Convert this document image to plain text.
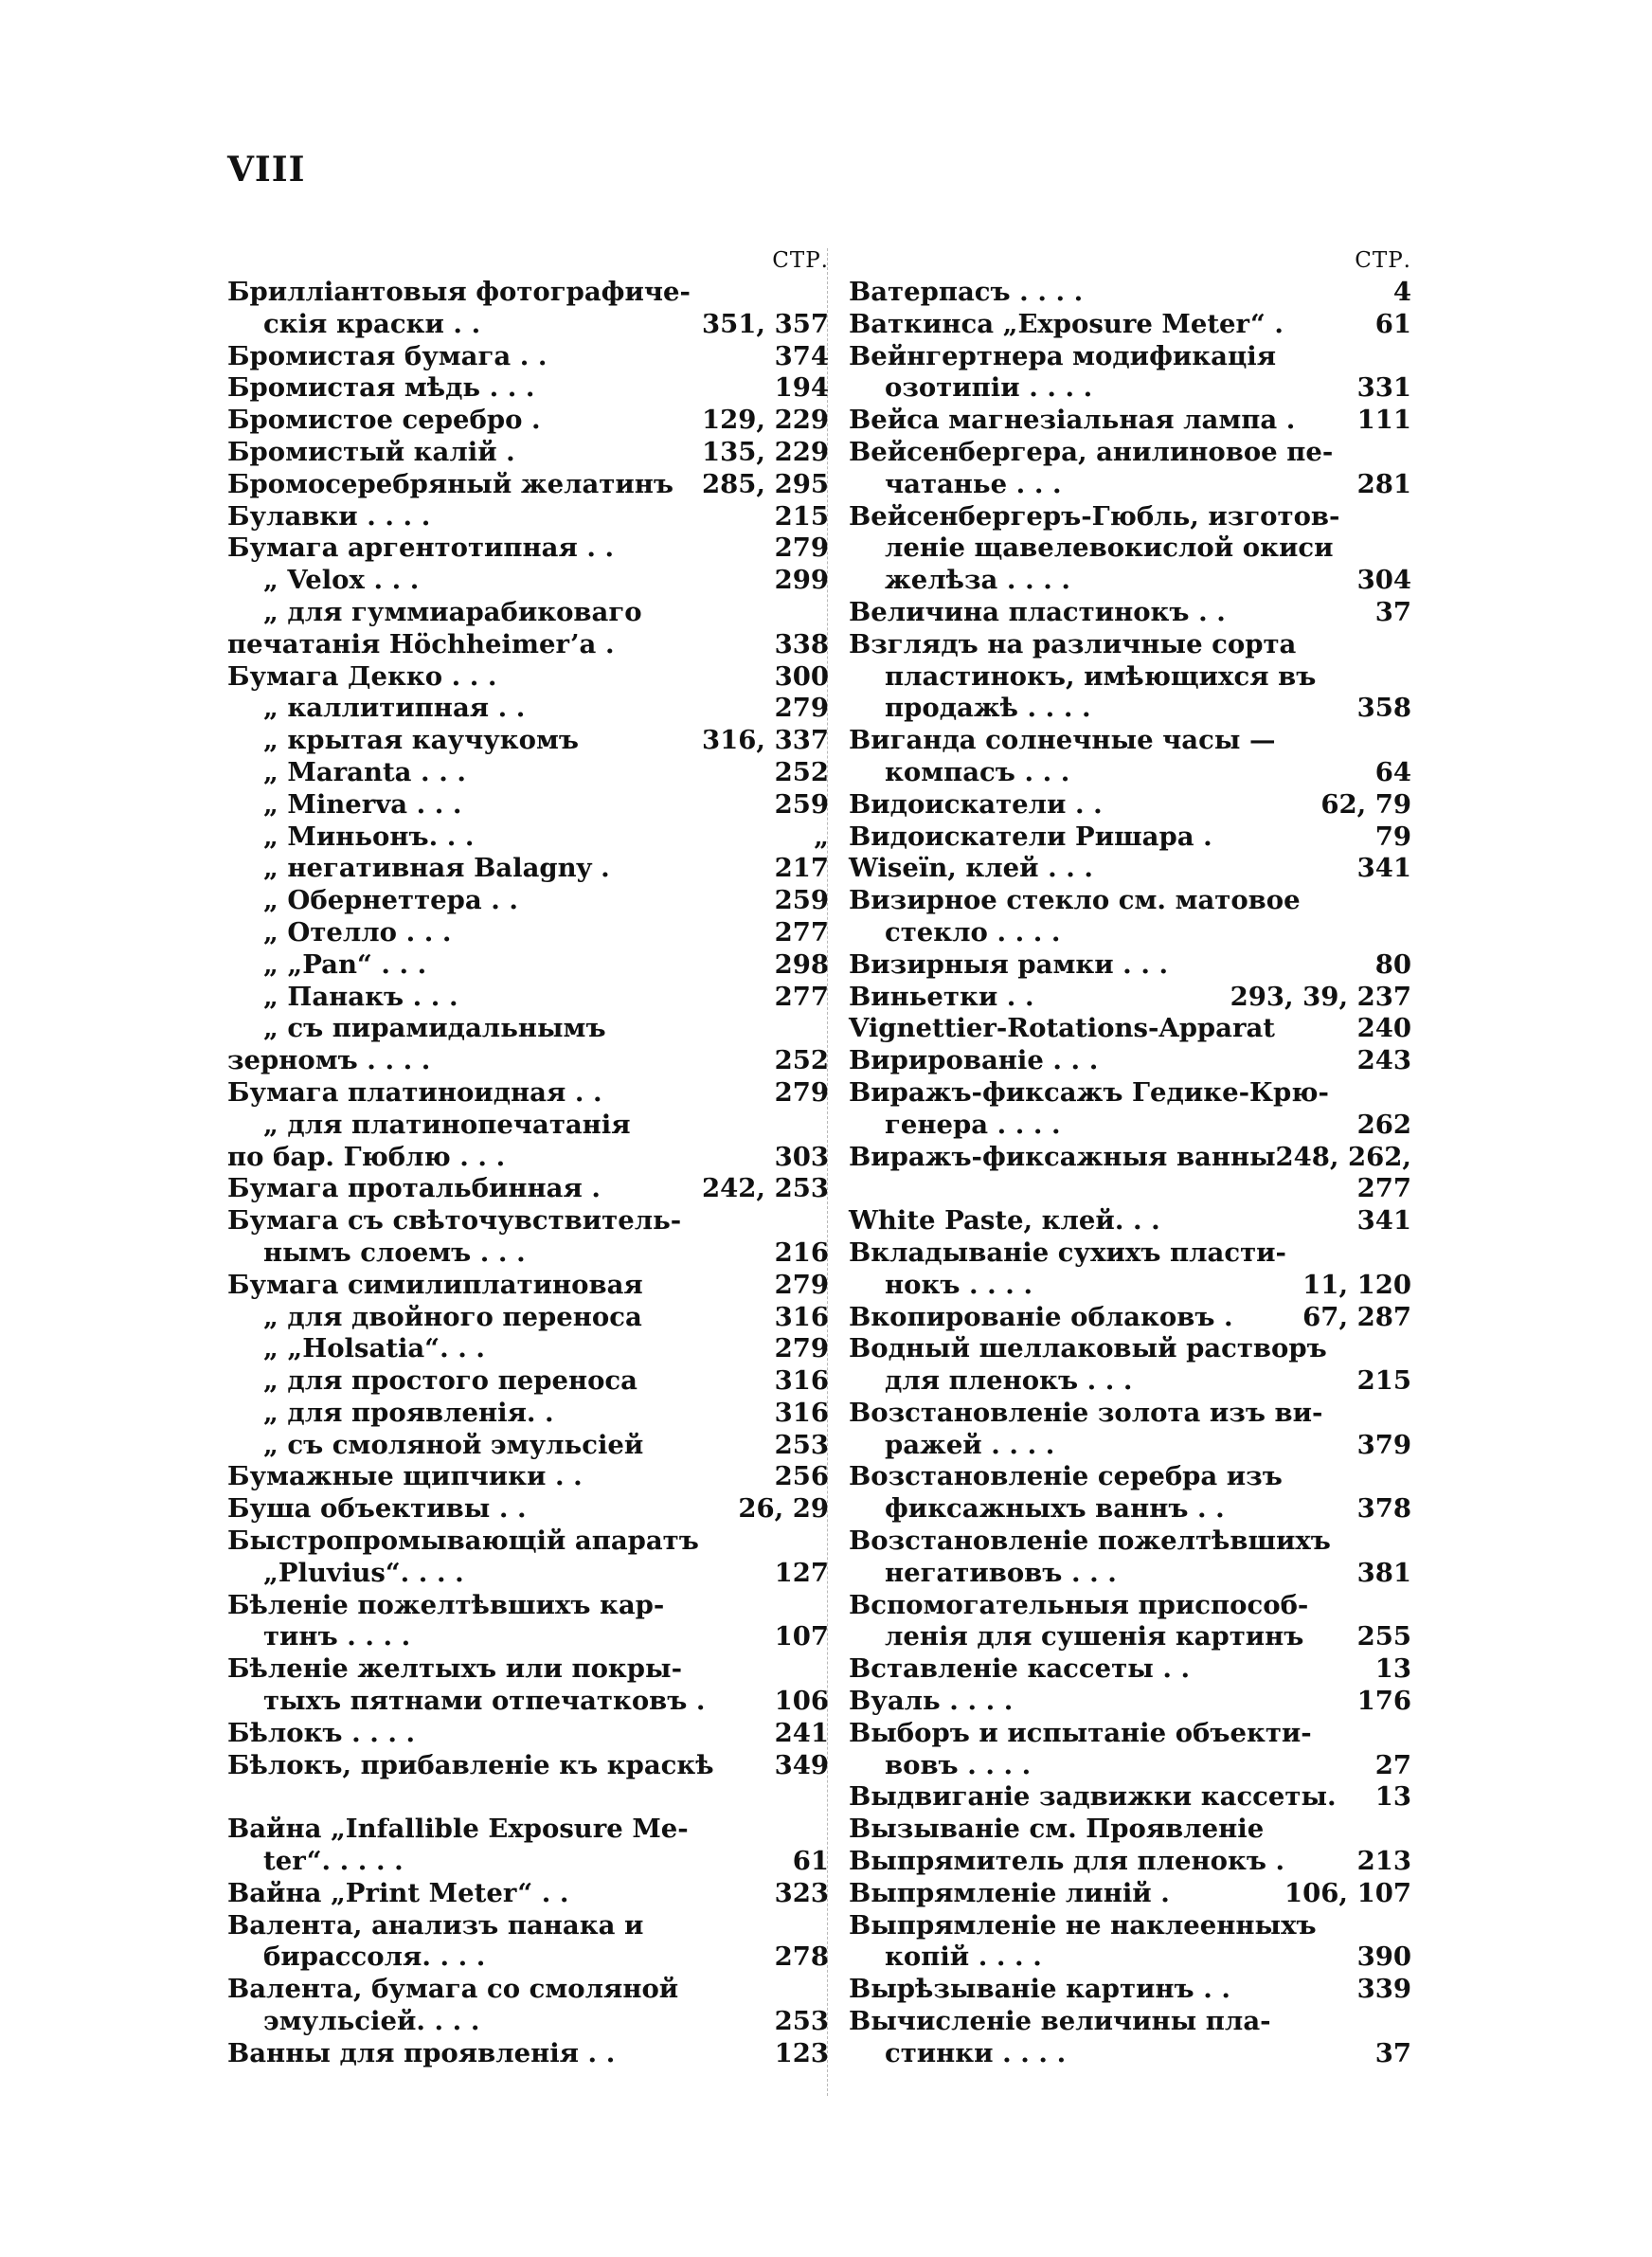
VIII
СТР.
Брилліантовыя фотографиче-
скія краски . .	351, 357
Бромистая бумага . .	374
Бромистая мѣдь . . .	194
Бромистое серебро .	129, 229
Бромистый калій .	135, 229
Бромосеребряный желатинъ 285, 295
Булавки . . . .	215
Бумага аргентотипная . .	279
„ Velox . . .	299
„ для гуммиарабиковаго
печатанія Höchheimer’а .	338
Бумага Декко . . .	300
„ каллитипная . .	279
„ крытая каучукомъ	316, 337
„ Maranta . . .	252
„ Minerva . . .	259
„ Миньонъ. . .	„
„ негативная Balagny .	217
„ Обернеттера . .	259
„ Отелло . . .	277
„ „Pan“ . . .	298
„ Панакъ . . .	277
„ съ пирамидальнымъ
зерномъ . . . .	252
Бумага платиноидная . .	279
„ для платинопечатанія
по бар. Гюблю . . .	303
Бумага протальбинная .	242, 253
Бумага съ свѣточувствитель-
нымъ слоемъ . . .	216
Бумага симилиплатиновая	279
„ для двойного переноса	316
„ „Holsatia“. . .	279
„ для простого переноса	316
„ для проявленія. .	316
„ съ смоляной эмульсіей	253
Бумажные щипчики . .	256
Буша объективы . .	26, 29
Быстропромывающій апаратъ
„Pluvius“. . . .	127
Бѣленіе пожелтѣвшихъ кар-
тинъ . . . .	107
Бѣленіе желтыхъ или покры-
тыхъ пятнами отпечатковъ .	106
Бѣлокъ . . . .	241
Бѣлокъ, прибавленіе къ краскѣ 349
Вайна „Infallible Exposure Me-
ter“. . . . .	61
Вайна „Print Meter“ . .	323
Валента, анализъ панака и
бирассоля. . . .	278
Валента, бумага со смоляной
эмульсіей. . . .	253
Ванны для проявленія . .	123
СТР.
Ватерпасъ . . . .	4
Ваткинса „Exposure Meter“ .	61
Вейнгертнера модификація
озотипіи . . . .	331
Вейса магнезіальная лампа . 111
Вейсенбергера, анилиновое пе-
чатанье . . .	281
Вейсенбергеръ-Гюбль, изготов-
леніе щавелевокислой окиси
желѣза . . . .	304
Величина пластинокъ . .	37
Взглядъ на различные сорта
пластинокъ, имѣющихся въ
продажѣ . . . .	358
Виганда солнечные часы —
компасъ . . .	64
Видоискатели . .	62, 79
Видоискатели Ришара .	79
Wiseïn, клей . . .	341
Визирное стекло см. матовое
стекло . . . .
Визирныя рамки . . .	80
Виньетки . .	293, 39, 237
Vignettier-Rotations-Apparat	240
Вирированіе . . .	243
Виражъ-фиксажъ Гедике-Крю-
генера . . . .	262
Виражъ-фиксажныя ванны 248, 262,
277
White Paste, клей. . .	341
Вкладываніе сухихъ пласти-
нокъ . . . .	11, 120
Вкопированіе облаковъ .	67, 287
Водный шеллаковый растворъ
для пленокъ . . .	215
Возстановленіе золота изъ ви-
ражей . . . .	379
Возстановленіе серебра изъ
фиксажныхъ ваннъ . .	378
Возстановленіе пожелтѣвшихъ
негативовъ . . .	381
Вспомогательныя приспособ-
ленія для сушенія картинъ 255
Вставленіе кассеты . .	13
Вуаль . . . .	176
Выборъ и испытаніе объекти-
вовъ . . . .	27
Выдвиганіе задвижки кассеты. 13
Вызываніе см. Проявленіе
Выпрямитель для пленокъ .	213
Выпрямленіе линій .	106, 107
Выпрямленіе не наклеенныхъ
копій . . . .	390
Вырѣзываніе картинъ . .	339
Вычисленіе величины пла-
стинки . . . .	37
